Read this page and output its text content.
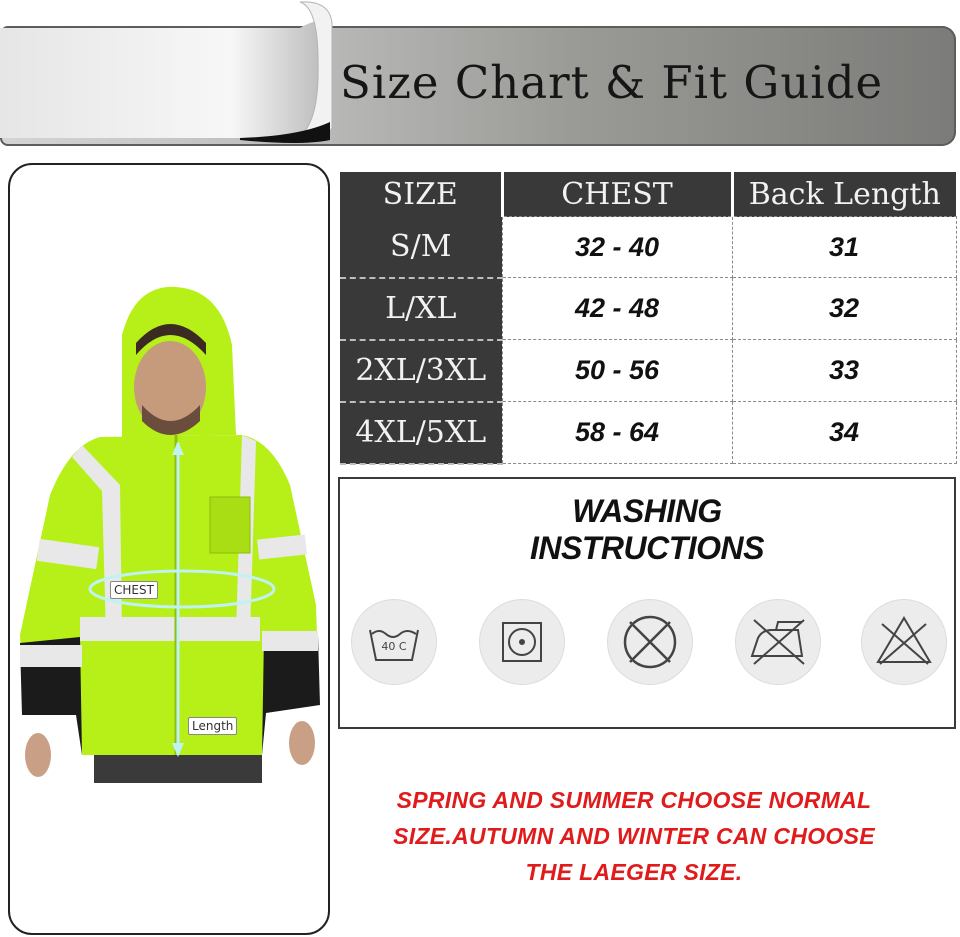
Size Chart & Fit Guide
CHEST
Length
SIZE	CHEST	Back Length
S/M	32 - 40	31
L/XL	42 - 48	32
2XL/3XL	50 - 56	33
4XL/5XL	58 - 64	34
WASHING
INSTRUCTIONS
40 C
SPRING AND SUMMER CHOOSE NORMAL
SIZE.AUTUMN AND WINTER CAN CHOOSE
THE LAEGER SIZE.
